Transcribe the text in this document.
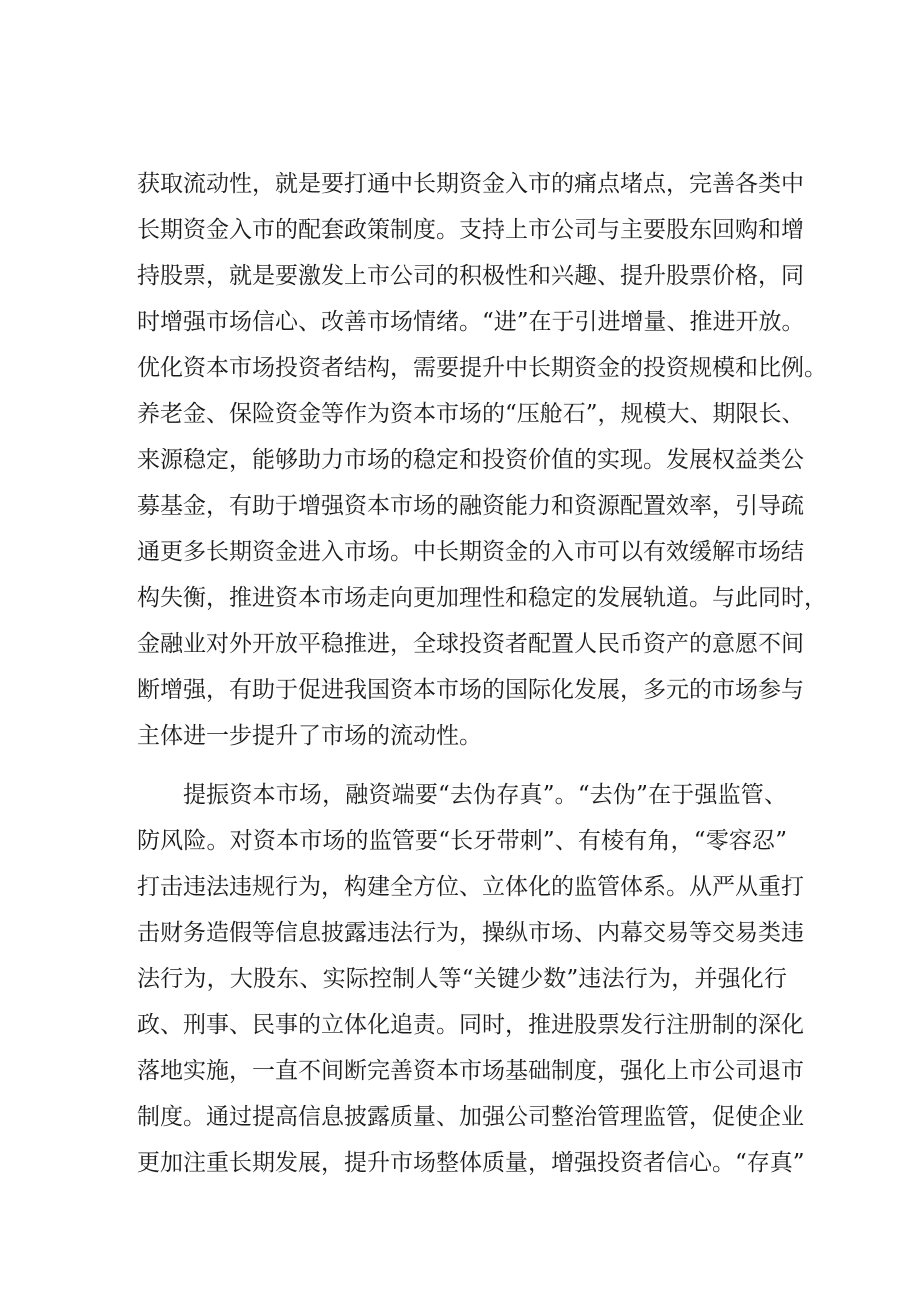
获取流动性，就是要打通中长期资金入市的痛点堵点，完善各类中
长期资金入市的配套政策制度。支持上市公司与主要股东回购和增
持股票，就是要激发上市公司的积极性和兴趣、提升股票价格，同
时增强市场信心、改善市场情绪。“进”在于引进增量、推进开放。
优化资本市场投资者结构，需要提升中长期资金的投资规模和比例。
养老金、保险资金等作为资本市场的“压舱石”，规模大、期限长、
来源稳定，能够助力市场的稳定和投资价值的实现。发展权益类公
募基金，有助于增强资本市场的融资能力和资源配置效率，引导疏
通更多长期资金进入市场。中长期资金的入市可以有效缓解市场结
构失衡，推进资本市场走向更加理性和稳定的发展轨道。与此同时，
金融业对外开放平稳推进，全球投资者配置人民币资产的意愿不间
断增强，有助于促进我国资本市场的国际化发展，多元的市场参与
主体进一步提升了市场的流动性。
提振资本市场，融资端要“去伪存真”。“去伪”在于强监管、
防风险。对资本市场的监管要“长牙带刺”、有棱有角，“零容忍”
打击违法违规行为，构建全方位、立体化的监管体系。从严从重打
击财务造假等信息披露违法行为，操纵市场、内幕交易等交易类违
法行为，大股东、实际控制人等“关键少数”违法行为，并强化行
政、刑事、民事的立体化追责。同时，推进股票发行注册制的深化
落地实施，一直不间断完善资本市场基础制度，强化上市公司退市
制度。通过提高信息披露质量、加强公司整治管理监管，促使企业
更加注重长期发展，提升市场整体质量，增强投资者信心。“存真”
